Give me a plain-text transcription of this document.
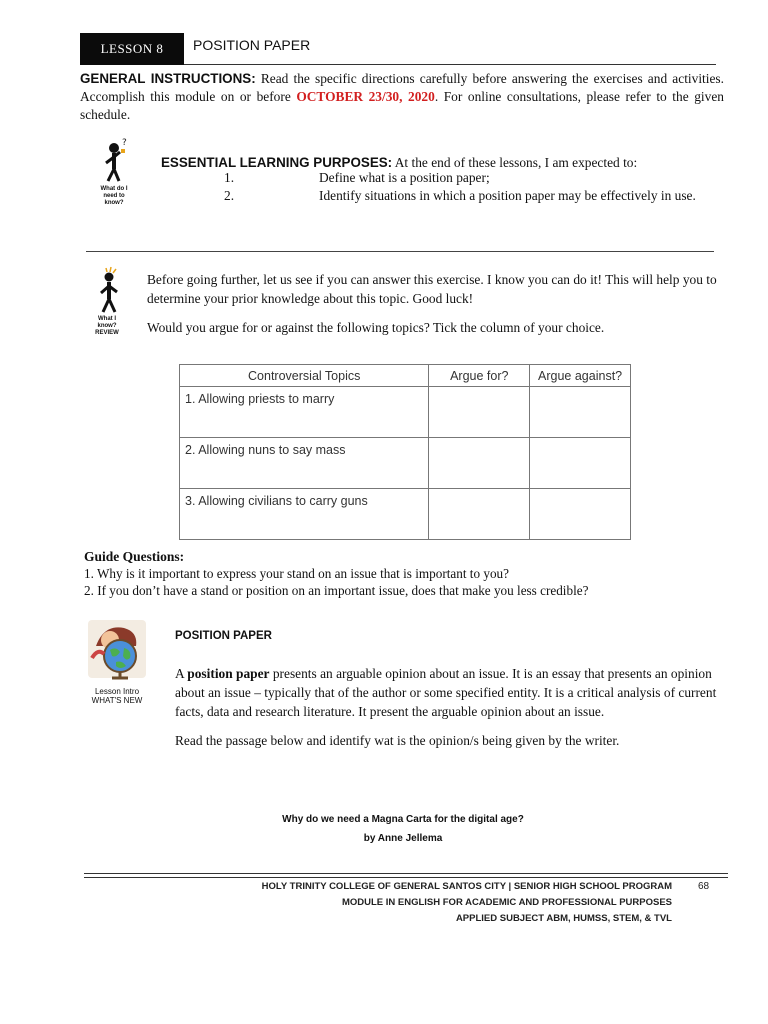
LESSON 8	POSITION PAPER
GENERAL INSTRUCTIONS: Read the specific directions carefully before answering the exercises and activities. Accomplish this module on or before OCTOBER 23/30, 2020. For online consultations, please refer to the given schedule.
?
What do I need to know?
ESSENTIAL LEARNING PURPOSES: At the end of these lessons, I am expected to:
1.	Define what is a position paper;
2.	Identify situations in which a position paper may be effectively in use.
What I know? REVIEW
Before going further, let us see if you can answer this exercise. I know you can do it! This will help you to determine your prior knowledge about this topic. Good luck!
Would you argue for or against the following topics? Tick the column of your choice.
Controversial Topics	Argue for?	Argue against?
1. Allowing priests to marry		
2. Allowing nuns to say mass		
3. Allowing civilians to carry guns		
Guide Questions:
1. Why is it important to express your stand on an issue that is important to you?
2. If you don’t have a stand or position on an important issue, does that make you less credible?
Lesson Intro WHAT'S NEW
POSITION PAPER
A position paper presents an arguable opinion about an issue. It is an essay that presents an opinion about an issue – typically that of the author or some specified entity. It is a critical analysis of current facts, data and research literature. It present the arguable opinion about an issue.
Read the passage below and identify wat is the opinion/s being given by the writer.
Why do we need a Magna Carta for the digital age?
by Anne Jellema
HOLY TRINITY COLLEGE OF GENERAL SANTOS CITY | SENIOR HIGH SCHOOL PROGRAM	68
MODULE IN ENGLISH FOR ACADEMIC AND PROFESSIONAL PURPOSES
APPLIED SUBJECT ABM, HUMSS, STEM, & TVL
